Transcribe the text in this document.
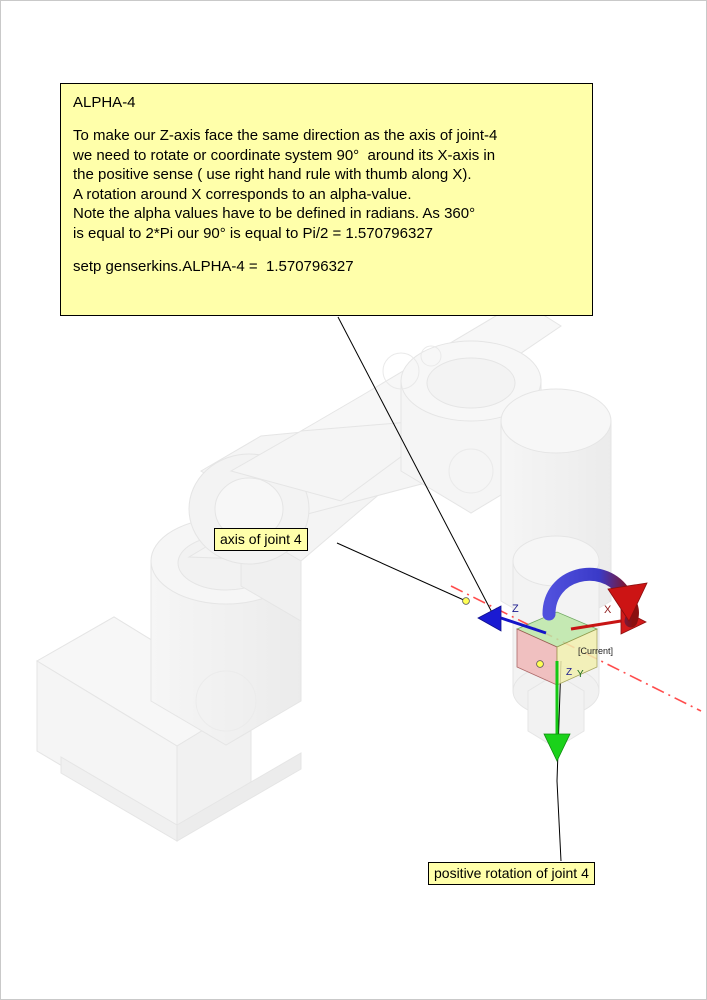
ALPHA-4
To make our Z-axis face the same direction as the axis of joint-4
we need to rotate or coordinate system 90°  around its X-axis in
the positive sense ( use right hand rule with thumb along X).
A rotation around X corresponds to an alpha-value.
Note the alpha values have to be defined in radians. As 360°
is equal to 2*Pi our 90° is equal to Pi/2 = 1.570796327
setp genserkins.ALPHA-4 =  1.570796327
axis of joint 4
positive rotation of joint 4
Z	X
Z Y
[Current]
